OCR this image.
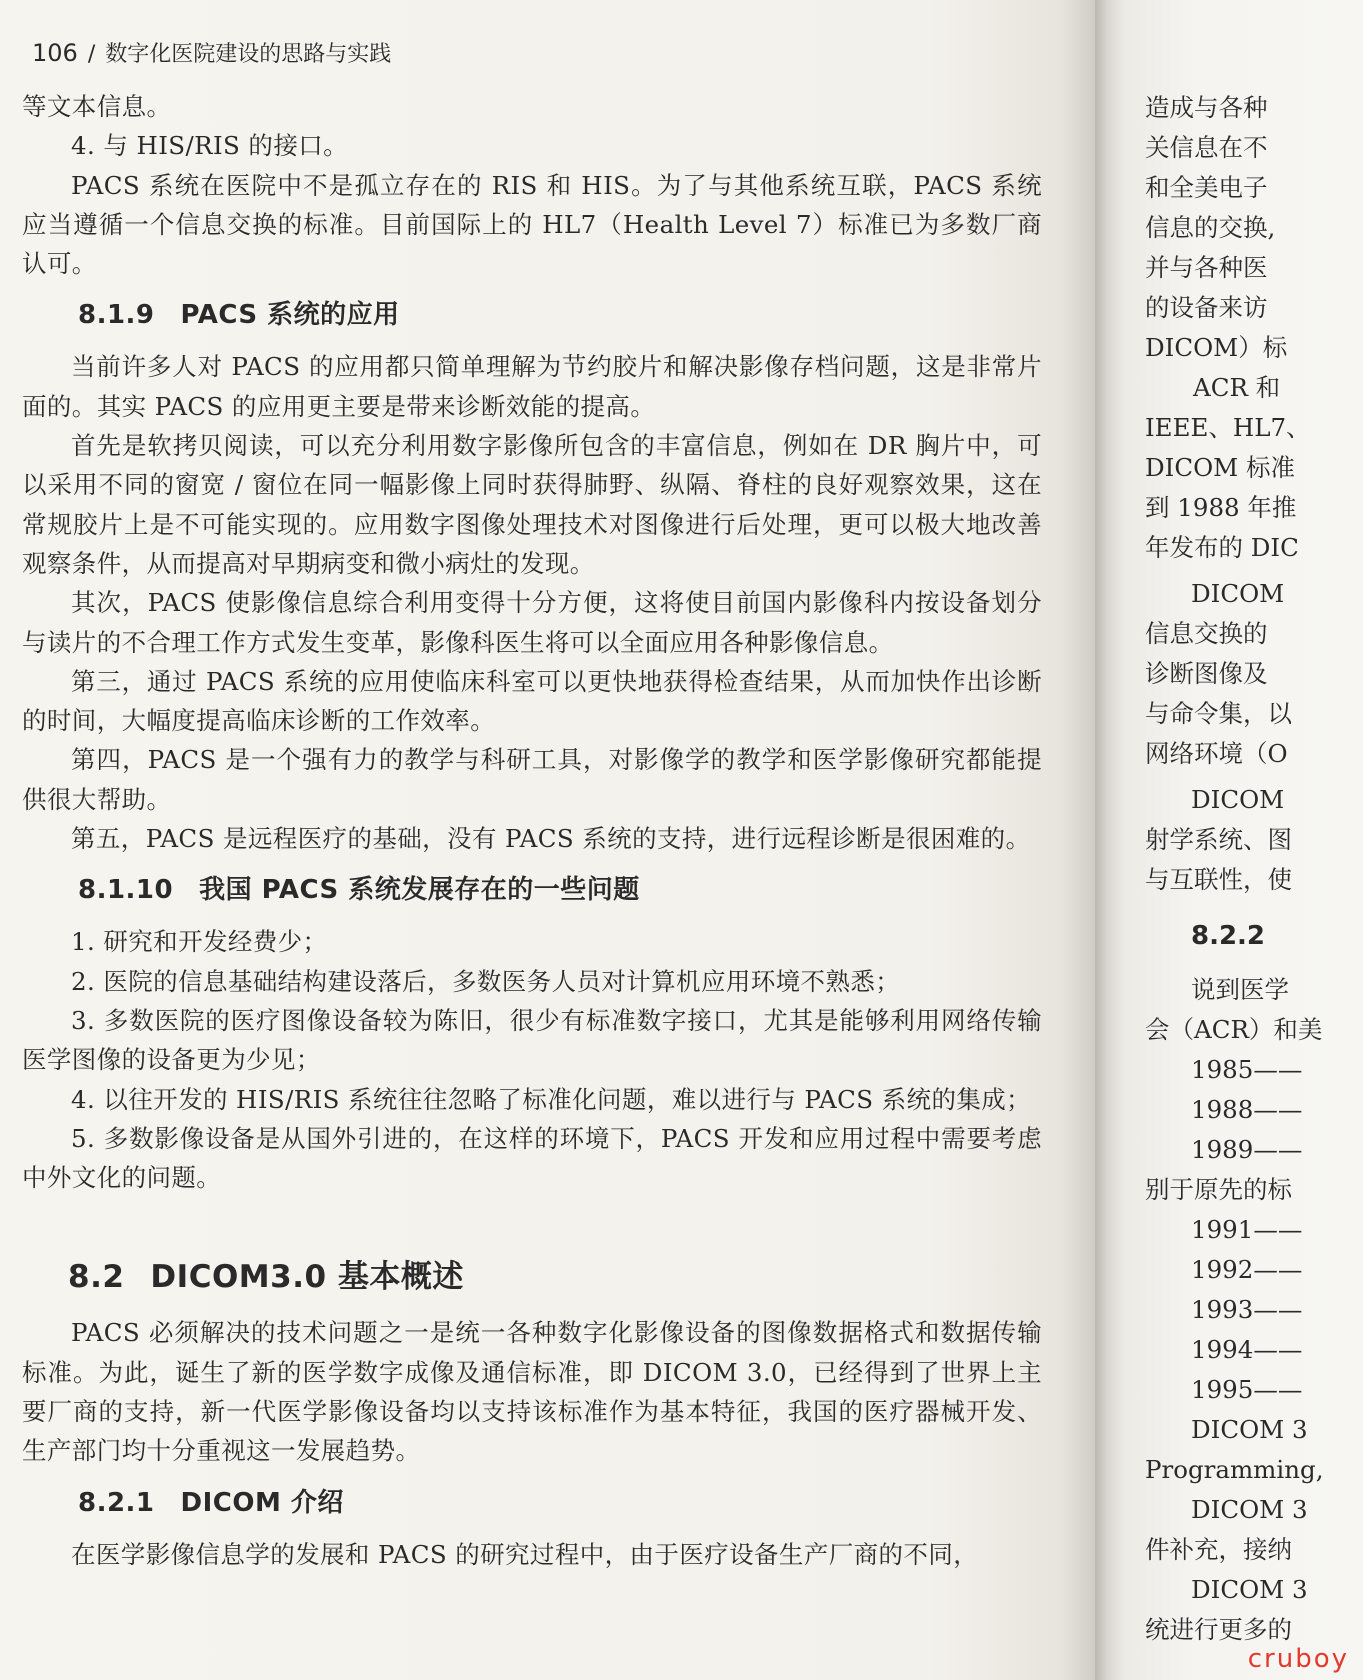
106 / 数字化医院建设的思路与实践

等文本信息。

4. 与 HIS/RIS 的接口。

PACS 系统在医院中不是孤立存在的 RIS 和 HIS。为了与其他系统互联，PACS 系统应当遵循一个信息交换的标准。目前国际上的 HL7（Health Level 7）标准已为多数厂商认可。

8.1.9 PACS 系统的应用

当前许多人对 PACS 的应用都只简单理解为节约胶片和解决影像存档问题，这是非常片面的。其实 PACS 的应用更主要是带来诊断效能的提高。

首先是软拷贝阅读，可以充分利用数字影像所包含的丰富信息，例如在 DR 胸片中，可以采用不同的窗宽 / 窗位在同一幅影像上同时获得肺野、纵隔、脊柱的良好观察效果，这在常规胶片上是不可能实现的。应用数字图像处理技术对图像进行后处理，更可以极大地改善观察条件，从而提高对早期病变和微小病灶的发现。

其次，PACS 使影像信息综合利用变得十分方便，这将使目前国内影像科内按设备划分与读片的不合理工作方式发生变革，影像科医生将可以全面应用各种影像信息。

第三，通过 PACS 系统的应用使临床科室可以更快地获得检查结果，从而加快作出诊断的时间，大幅度提高临床诊断的工作效率。

第四，PACS 是一个强有力的教学与科研工具，对影像学的教学和医学影像研究都能提供很大帮助。

第五，PACS 是远程医疗的基础，没有 PACS 系统的支持，进行远程诊断是很困难的。

8.1.10 我国 PACS 系统发展存在的一些问题

1. 研究和开发经费少；

2. 医院的信息基础结构建设落后，多数医务人员对计算机应用环境不熟悉；

3. 多数医院的医疗图像设备较为陈旧，很少有标准数字接口，尤其是能够利用网络传输医学图像的设备更为少见；

4. 以往开发的 HIS/RIS 系统往往忽略了标准化问题，难以进行与 PACS 系统的集成；

5. 多数影像设备是从国外引进的，在这样的环境下，PACS 开发和应用过程中需要考虑中外文化的问题。

8.2 DICOM3.0 基本概述

PACS 必须解决的技术问题之一是统一各种数字化影像设备的图像数据格式和数据传输标准。为此，诞生了新的医学数字成像及通信标准，即 DICOM 3.0，已经得到了世界上主要厂商的支持，新一代医学影像设备均以支持该标准作为基本特征，我国的医疗器械开发、生产部门均十分重视这一发展趋势。

8.2.1 DICOM 介绍

在医学影像信息学的发展和 PACS 的研究过程中，由于医疗设备生产厂商的不同，

造成与各种
关信息在不
和全美电子
信息的交换,
并与各种医
的设备来访
DICOM）标
ACR 和
IEEE、HL7、
DICOM 标准
到 1988 年推
年发布的 DIC
DICOM
信息交换的
诊断图像及
与命令集，以
网络环境（O
DICOM
射学系统、图
与互联性，使
8.2.2
说到医学
会（ACR）和美
1985——
1988——
1989——
别于原先的标
1991——
1992——
1993——
1994——
1995——
DICOM 3
Programming,
DICOM 3
件补充，接纳
DICOM 3
统进行更多的
cruboy
